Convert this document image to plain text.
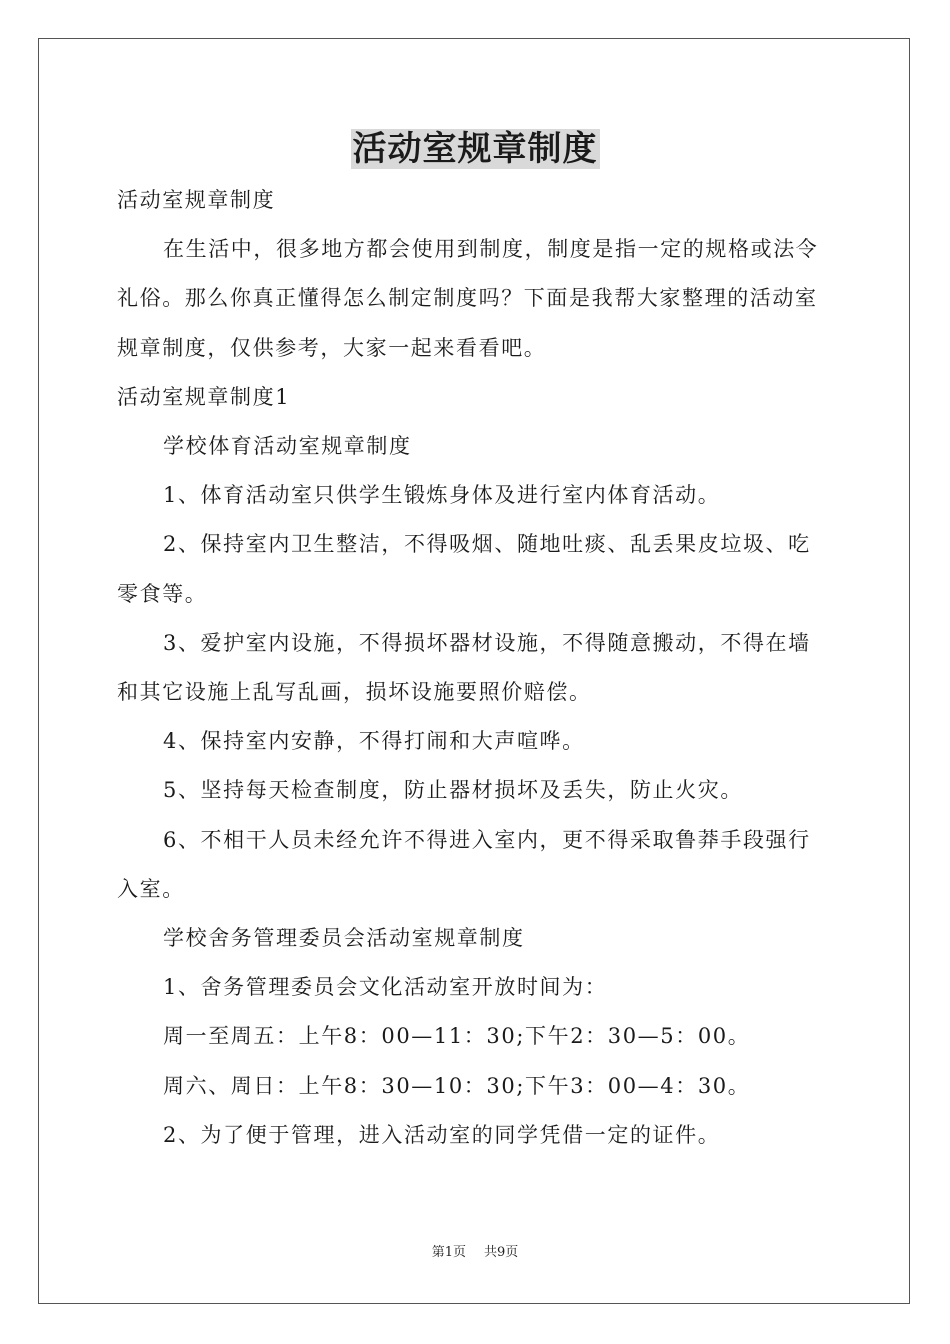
活动室规章制度

活动室规章制度

在生活中，很多地方都会使用到制度，制度是指一定的规格或法令礼俗。那么你真正懂得怎么制定制度吗？下面是我帮大家整理的活动室规章制度，仅供参考，大家一起来看看吧。

活动室规章制度1

学校体育活动室规章制度

1、体育活动室只供学生锻炼身体及进行室内体育活动。

2、保持室内卫生整洁，不得吸烟、随地吐痰、乱丢果皮垃圾、吃零食等。

3、爱护室内设施，不得损坏器材设施，不得随意搬动，不得在墙和其它设施上乱写乱画，损坏设施要照价赔偿。

4、保持室内安静，不得打闹和大声喧哗。

5、坚持每天检查制度，防止器材损坏及丢失，防止火灾。

6、不相干人员未经允许不得进入室内，更不得采取鲁莽手段强行入室。

学校舍务管理委员会活动室规章制度

1、舍务管理委员会文化活动室开放时间为：

周一至周五：上午8：00—11：30;下午2：30—5：00。

周六、周日：上午8：30—10：30;下午3：00—4：30。

2、为了便于管理，进入活动室的同学凭借一定的证件。

第1页 共9页
